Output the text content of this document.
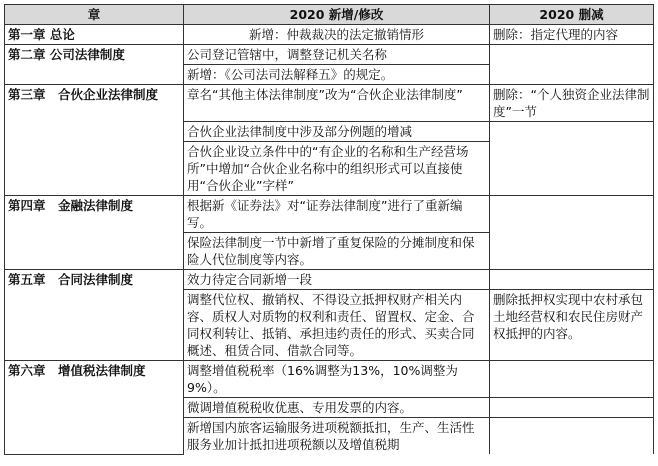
章	2020 新增/修改	2020 删减
第一章 总论	新增：仲裁裁决的法定撤销情形	删除：指定代理的内容
第二章 公司法律制度	公司登记管辖中，调整登记机关名称	
	新增：《公司法司法解释五》的规定。	
第三章　合伙企业法律制度	章名“其他主体法律制度”改为“合伙企业法律制度”	删除：“个人独资企业法律制度”一节
	合伙企业法律制度中涉及部分例题的增减	
	合伙企业设立条件中的“有企业的名称和生产经营场所”中增加“合伙企业名称中的组织形式可以直接使用“合伙企业”字样”	
第四章　金融法律制度	根据新《证券法》对“证券法律制度”进行了重新编写。	
	保险法律制度一节中新增了重复保险的分摊制度和保险人代位制度等内容。	
第五章　合同法律制度	效力待定合同新增一段	
	调整代位权、撤销权、不得设立抵押权财产相关内容、质权人对质物的权利和责任、留置权、定金、合同权利转让、抵销、承担违约责任的形式、买卖合同概述、租赁合同、借款合同等。	删除抵押权实现中农村承包土地经营权和农民住房财产权抵押的内容。
第六章　增值税法律制度	调整增值税税率（16%调整为13%，10%调整为9%）。	
	微调增值税税收优惠、专用发票的内容。	
	新增国内旅客运输服务进项税额抵扣，生产、生活性服务业加计抵扣进项税额以及增值税期	
